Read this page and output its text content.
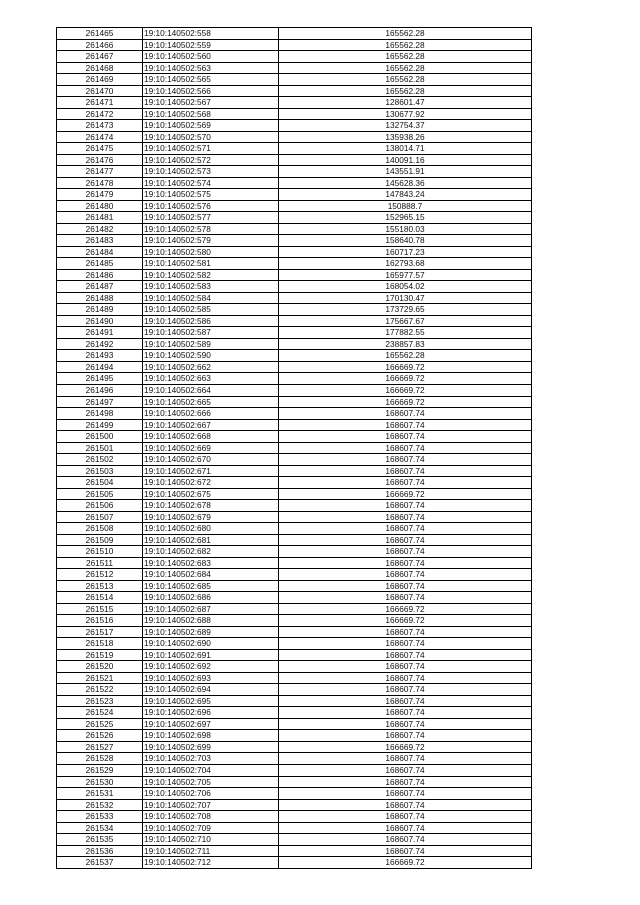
261465	19:10:140502:558	165562.28
261466	19:10:140502:559	165562.28
261467	19:10:140502:560	165562.28
261468	19:10:140502:563	165562.28
261469	19:10:140502:565	165562.28
261470	19:10:140502:566	165562.28
261471	19:10:140502:567	128601.47
261472	19:10:140502:568	130677.92
261473	19:10:140502:569	132754.37
261474	19:10:140502:570	135938.26
261475	19:10:140502:571	138014.71
261476	19:10:140502:572	140091.16
261477	19:10:140502:573	143551.91
261478	19:10:140502:574	145628.36
261479	19:10:140502:575	147843.24
261480	19:10:140502:576	150888.7
261481	19:10:140502:577	152965.15
261482	19:10:140502:578	155180.03
261483	19:10:140502:579	158640.78
261484	19:10:140502:580	160717.23
261485	19:10:140502:581	162793.68
261486	19:10:140502:582	165977.57
261487	19:10:140502:583	168054.02
261488	19:10:140502:584	170130.47
261489	19:10:140502:585	173729.65
261490	19:10:140502:586	175667.67
261491	19:10:140502:587	177882.55
261492	19:10:140502:589	238857.83
261493	19:10:140502:590	165562.28
261494	19:10:140502:662	166669.72
261495	19:10:140502:663	166669.72
261496	19:10:140502:664	166669.72
261497	19:10:140502:665	166669.72
261498	19:10:140502:666	168607.74
261499	19:10:140502:667	168607.74
261500	19:10:140502:668	168607.74
261501	19:10:140502:669	168607.74
261502	19:10:140502:670	168607.74
261503	19:10:140502:671	168607.74
261504	19:10:140502:672	168607.74
261505	19:10:140502:675	166669.72
261506	19:10:140502:678	168607.74
261507	19:10:140502:679	168607.74
261508	19:10:140502:680	168607.74
261509	19:10:140502:681	168607.74
261510	19:10:140502:682	168607.74
261511	19:10:140502:683	168607.74
261512	19:10:140502:684	168607.74
261513	19:10:140502:685	168607.74
261514	19:10:140502:686	168607.74
261515	19:10:140502:687	166669.72
261516	19:10:140502:688	166669.72
261517	19:10:140502:689	168607.74
261518	19:10:140502:690	168607.74
261519	19:10:140502:691	168607.74
261520	19:10:140502:692	168607.74
261521	19:10:140502:693	168607.74
261522	19:10:140502:694	168607.74
261523	19:10:140502:695	168607.74
261524	19:10:140502:696	168607.74
261525	19:10:140502:697	168607.74
261526	19:10:140502:698	168607.74
261527	19:10:140502:699	166669.72
261528	19:10:140502:703	168607.74
261529	19:10:140502:704	168607.74
261530	19:10:140502:705	168607.74
261531	19:10:140502:706	168607.74
261532	19:10:140502:707	168607.74
261533	19:10:140502:708	168607.74
261534	19:10:140502:709	168607.74
261535	19:10:140502:710	168607.74
261536	19:10:140502:711	168607.74
261537	19:10:140502:712	166669.72
